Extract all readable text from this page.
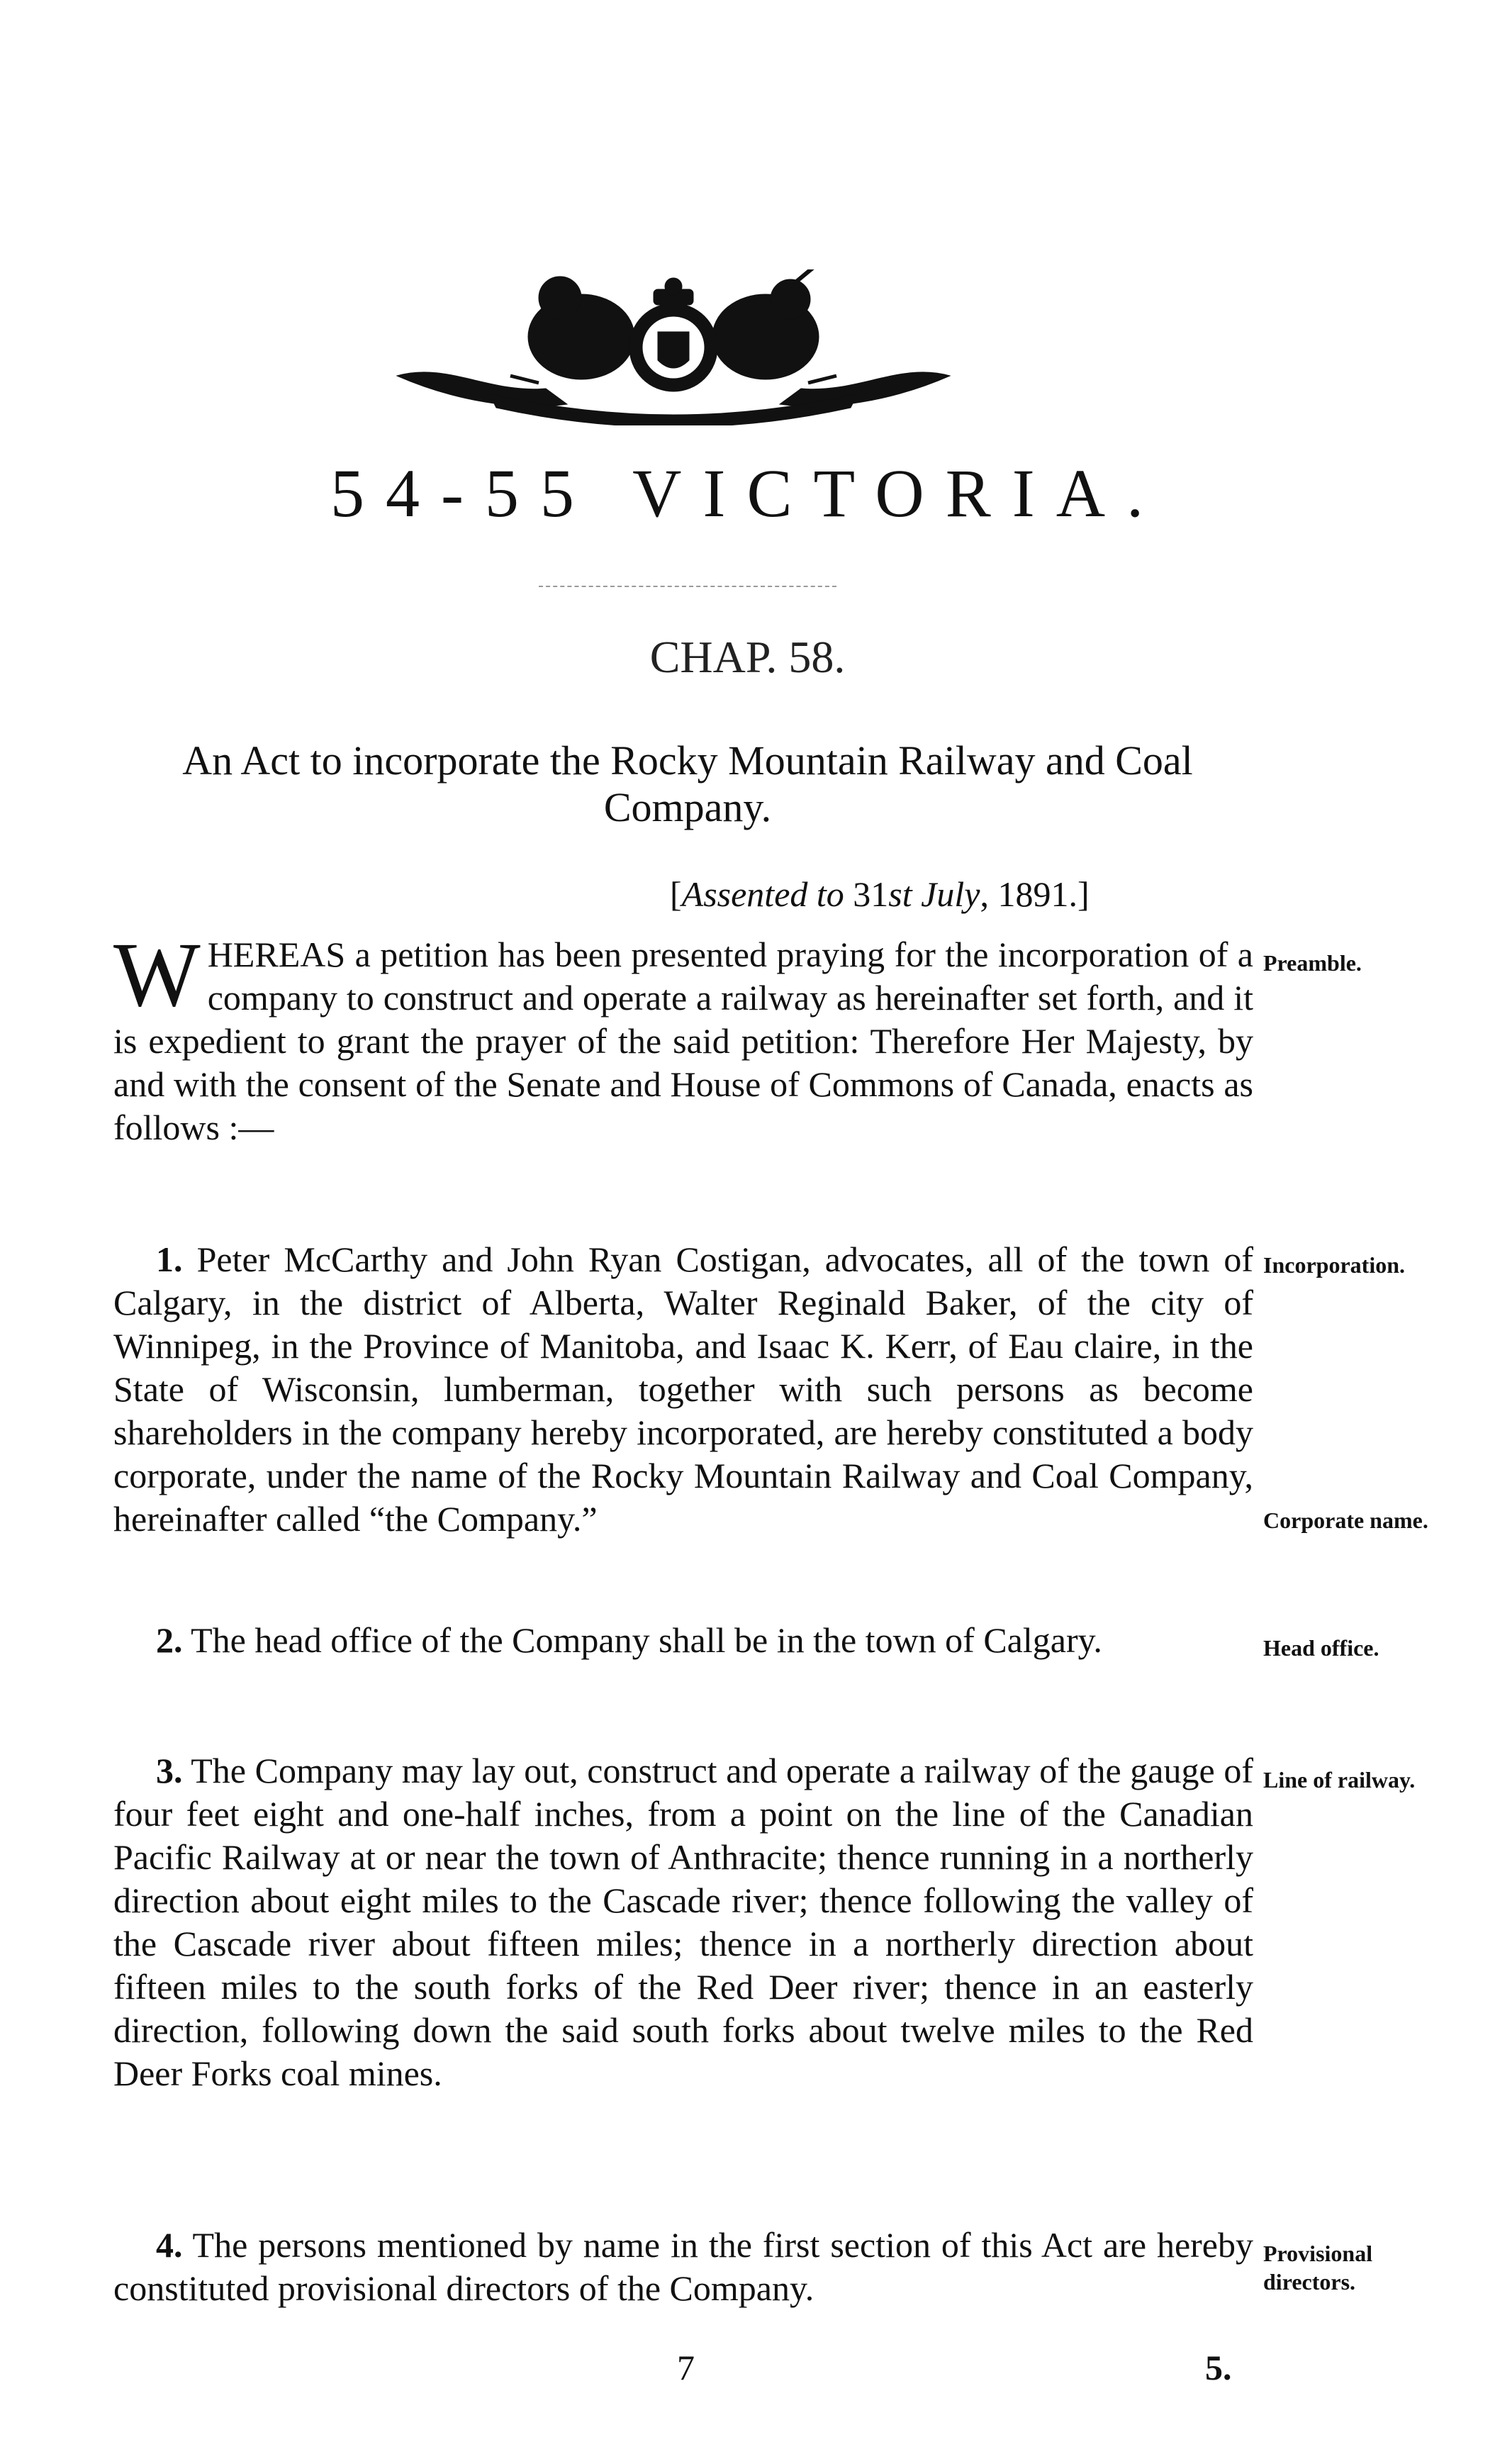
54-55 VICTORIA.
CHAP. 58.
An Act to incorporate the Rocky Mountain Railway and Coal Company.
[Assented to 31st July, 1891.]
WHEREAS a petition has been presented praying for the incorporation of a company to construct and operate a railway as hereinafter set forth, and it is expedient to grant the prayer of the said petition: Therefore Her Majesty, by and with the consent of the Senate and House of Commons of Canada, enacts as follows :—
Preamble.
1. Peter McCarthy and John Ryan Costigan, advocates, all of the town of Calgary, in the district of Alberta, Walter Reginald Baker, of the city of Winnipeg, in the Province of Manitoba, and Isaac K. Kerr, of Eau claire, in the State of Wisconsin, lumberman, together with such persons as become shareholders in the company hereby incorporated, are hereby constituted a body corporate, under the name of the Rocky Mountain Railway and Coal Company, hereinafter called “the Company.”
Incorporation.
Corporate name.
2. The head office of the Company shall be in the town of Calgary.	Head office.
3. The Company may lay out, construct and operate a railway of the gauge of four feet eight and one-half inches, from a point on the line of the Canadian Pacific Railway at or near the town of Anthracite; thence running in a northerly direction about eight miles to the Cascade river; thence following the valley of the Cascade river about fifteen miles; thence in a northerly direction about fifteen miles to the south forks of the Red Deer river; thence in an easterly direction, following down the said south forks about twelve miles to the Red Deer Forks coal mines.
Line of railway.
4. The persons mentioned by name in the first section of this Act are hereby constituted provisional directors of the Company.
Provisional directors.
7	5.
